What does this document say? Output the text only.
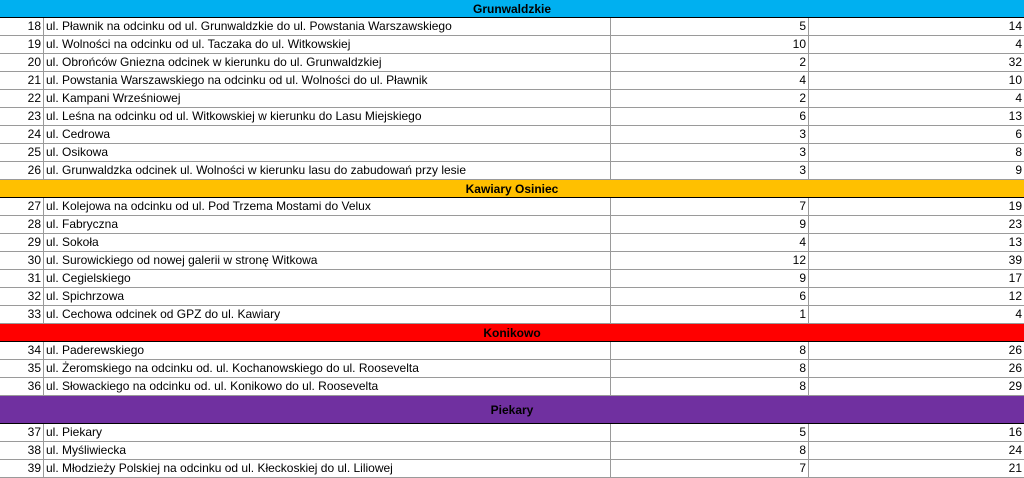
Grunwaldzkie
18 ul. Pławnik na odcinku od ul. Grunwaldzkie do ul. Powstania Warszawskiego	5	14
19 ul. Wolności na odcinku od ul. Taczaka do ul. Witkowskiej	10	4
20 ul. Obrońców Gniezna odcinek w kierunku do ul. Grunwaldzkiej	2	32
21 ul. Powstania Warszawskiego na odcinku od ul. Wolności do ul. Pławnik	4	10
22 ul. Kampani Wrześniowej	2	4
23 ul. Leśna na odcinku od ul. Witkowskiej w kierunku do Lasu Miejskiego	6	13
24 ul. Cedrowa	3	6
25 ul. Osikowa	3	8
26 ul. Grunwaldzka odcinek ul. Wolności w kierunku lasu do zabudowań przy lesie	3	9
Kawiary Osiniec
27 ul. Kolejowa na odcinku od ul. Pod Trzema Mostami do Velux	7	19
28 ul. Fabryczna	9	23
29 ul. Sokoła	4	13
30 ul. Surowickiego od nowej galerii w stronę Witkowa	12	39
31 ul. Cegielskiego	9	17
32 ul. Spichrzowa	6	12
33 ul. Cechowa odcinek od GPZ do ul. Kawiary	1	4
Konikowo
34 ul. Paderewskiego	8	26
35 ul. Żeromskiego na odcinku od. ul. Kochanowskiego do ul. Roosevelta	8	26
36 ul. Słowackiego na odcinku od. ul. Konikowo do ul. Roosevelta	8	29
Piekary
37 ul. Piekary	5	16
38 ul. Myśliwiecka	8	24
39 ul. Młodzieży Polskiej na odcinku od ul. Kłeckoskiej do ul. Liliowej	7	21
